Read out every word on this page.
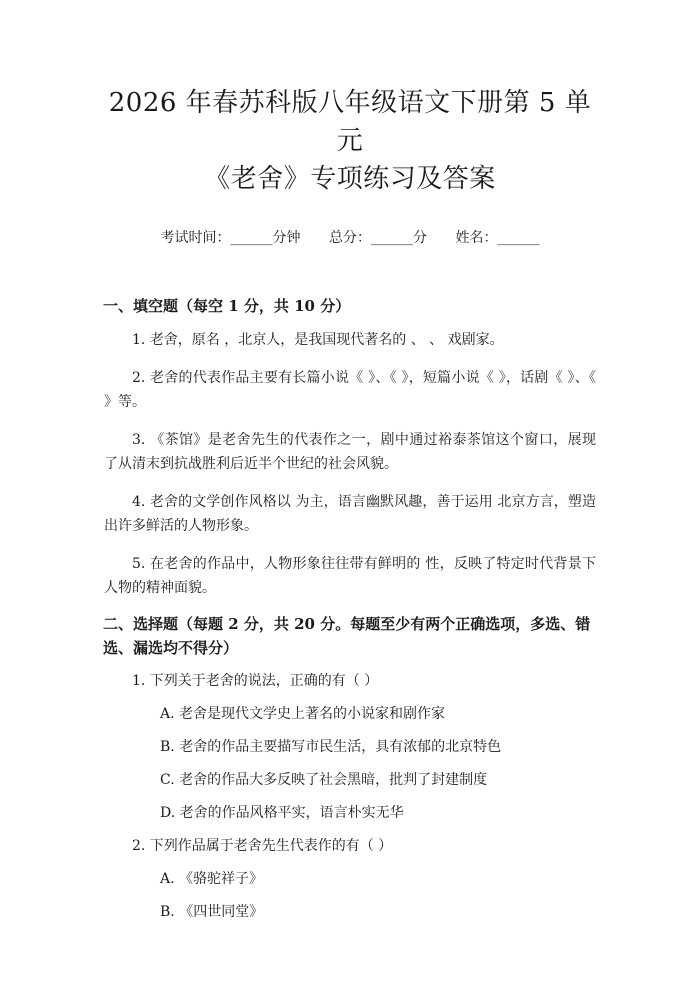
2026 年春苏科版八年级语文下册第 5 单元
《老舍》专项练习及答案
考试时间：______分钟 总分：______分 姓名：______
一、填空题（每空 1 分，共 10 分）
1. 老舍，原名 ，北京人，是我国现代著名的 、 、 戏剧家。
2. 老舍的代表作品主要有长篇小说《 》、《 》，短篇小说《 》，话剧《 》、《 》等。
3. 《茶馆》是老舍先生的代表作之一，剧中通过裕泰茶馆这个窗口，展现了从清末到抗战胜利后近半个世纪的社会风貌。
4. 老舍的文学创作风格以 为主，语言幽默风趣，善于运用 北京方言，塑造出许多鲜活的人物形象。
5. 在老舍的作品中，人物形象往往带有鲜明的 性，反映了特定时代背景下人物的精神面貌。
二、选择题（每题 2 分，共 20 分。每题至少有两个正确选项，多选、错选、漏选均不得分）
1. 下列关于老舍的说法，正确的有（ ）
A. 老舍是现代文学史上著名的小说家和剧作家
B. 老舍的作品主要描写市民生活，具有浓郁的北京特色
C. 老舍的作品大多反映了社会黑暗，批判了封建制度
D. 老舍的作品风格平实，语言朴实无华
2. 下列作品属于老舍先生代表作的有（ ）
A. 《骆驼祥子》
B. 《四世同堂》
